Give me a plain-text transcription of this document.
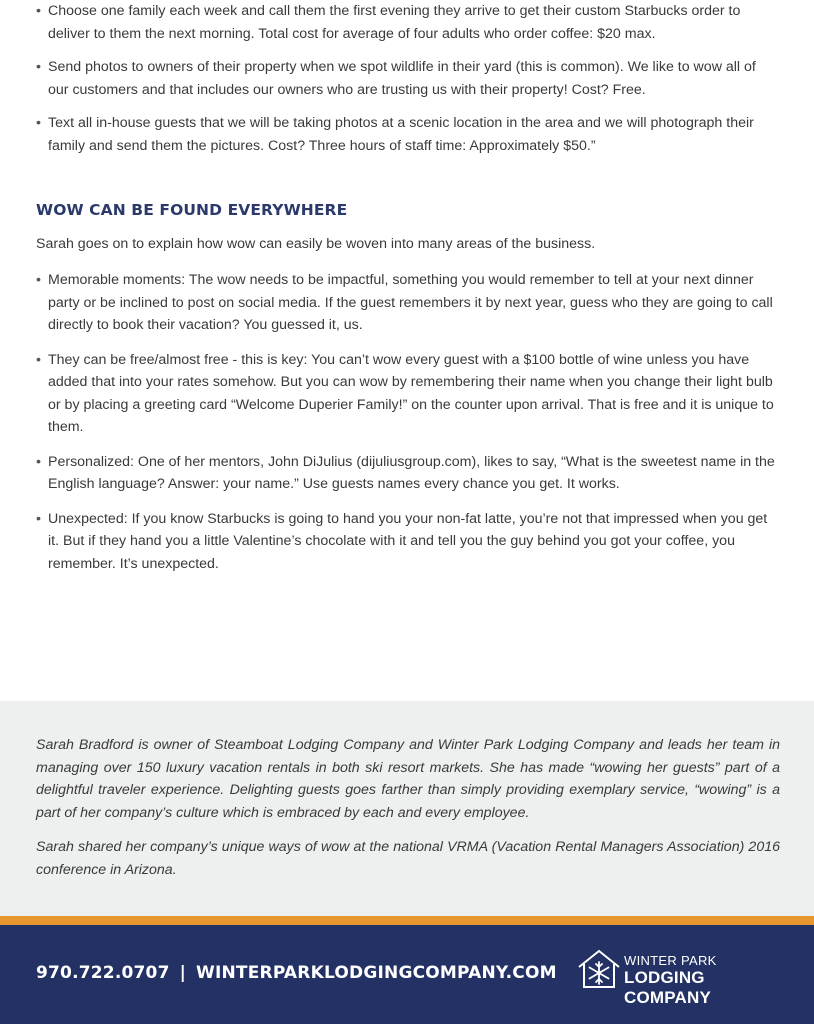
• Choose one family each week and call them the first evening they arrive to get their custom Starbucks order to deliver to them the next morning. Total cost for average of four adults who order coffee: $20 max.
• Send photos to owners of their property when we spot wildlife in their yard (this is common). We like to wow all of our customers and that includes our owners who are trusting us with their property! Cost? Free.
• Text all in-house guests that we will be taking photos at a scenic location in the area and we will photograph their family and send them the pictures. Cost? Three hours of staff time: Approximately $50.”
WOW CAN BE FOUND EVERYWHERE

Sarah goes on to explain how wow can easily be woven into many areas of the business.

• Memorable moments: The wow needs to be impactful, something you would remember to tell at your next dinner party or be inclined to post on social media. If the guest remembers it by next year, guess who they are going to call directly to book their vacation? You guessed it, us.
• They can be free/almost free - this is key: You can’t wow every guest with a $100 bottle of wine unless you have added that into your rates somehow. But you can wow by remembering their name when you change their light bulb or by placing a greeting card “Welcome Duperier Family!” on the counter upon arrival. That is free and it is unique to them.
• Personalized: One of her mentors, John DiJulius (dijuliusgroup.com), likes to say, “What is the sweetest name in the English language? Answer: your name.” Use guests names every chance you get. It works.
• Unexpected: If you know Starbucks is going to hand you your non-fat latte, you’re not that impressed when you get it. But if they hand you a little Valentine’s chocolate with it and tell you the guy behind you got your coffee, you remember. It’s unexpected.

Sarah Bradford is owner of Steamboat Lodging Company and Winter Park Lodging Company and leads her team in managing over 150 luxury vacation rentals in both ski resort markets. She has made “wowing her guests” part of a delightful traveler experience. Delighting guests goes farther than simply providing exemplary service, “wowing” is a part of her company’s culture which is embraced by each and every employee.

Sarah shared her company’s unique ways of wow at the national VRMA (Vacation Rental Managers Association) 2016 conference in Arizona.

970.722.0707 | WINTERPARKLODGINGCOMPANY.COM
WINTER PARK
LODGING COMPANY
